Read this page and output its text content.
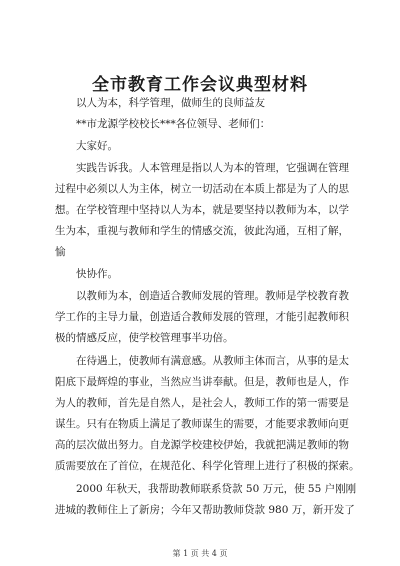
全市教育工作会议典型材料
以人为本，科学管理，做师生的良师益友
**市龙源学校校长***各位领导、老师们：
大家好。
实践告诉我。人本管理是指以人为本的管理，它强调在管理
过程中必须以人为主体，树立一切活动在本质上都是为了人的思
想。在学校管理中坚持以人为本，就是要坚持以教师为本，以学
生为本，重视与教师和学生的情感交流，彼此沟通，互相了解，
愉
快协作。
以教师为本，创造适合教师发展的管理。教师是学校教育教
学工作的主导力量，创造适合教师发展的管理，才能引起教师积
极的情感反应，使学校管理事半功倍。
在待遇上，使教师有满意感。从教师主体而言，从事的是太
阳底下最辉煌的事业，当然应当讲奉献。但是，教师也是人，作
为人的教师，首先是自然人，是社会人，教师工作的第一需要是
谋生。只有在物质上满足了教师谋生的需要，才能要求教师向更
高的层次做出努力。自龙源学校建校伊始，我就把满足教师的物
质需要放在了首位，在规范化、科学化管理上进行了积极的探索。
2000 年秋天，我帮助教师联系贷款 50 万元，使 55 户刚刚
进城的教师住上了新房；今年又帮助教师贷款 980 万，新开发了
第 1 页 共 4 页
